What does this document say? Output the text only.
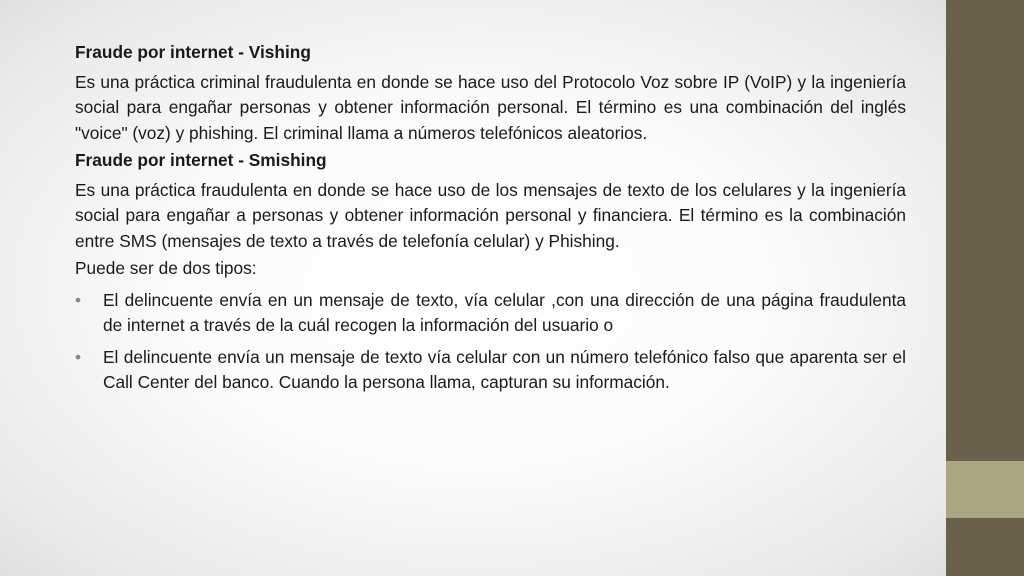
Fraude por internet - Vishing
Es una práctica criminal fraudulenta en donde se hace uso del Protocolo Voz sobre IP (VoIP) y la ingeniería social para engañar personas y obtener información personal. El término es una combinación del inglés "voice" (voz) y phishing. El criminal llama a números telefónicos aleatorios.
Fraude por internet - Smishing
Es una práctica fraudulenta en donde se hace uso de los mensajes de texto de los celulares y la ingeniería social para engañar a personas y obtener información personal y financiera. El término es la combinación entre SMS (mensajes de texto a través de telefonía celular) y Phishing.
Puede ser de dos tipos:
• El delincuente envía en un mensaje de texto, vía celular ,con una dirección de una página fraudulenta de internet a través de la cuál recogen la información del usuario o
• El delincuente envía un mensaje de texto vía celular con un número telefónico falso que aparenta ser el Call Center del banco. Cuando la persona llama, capturan su información.
